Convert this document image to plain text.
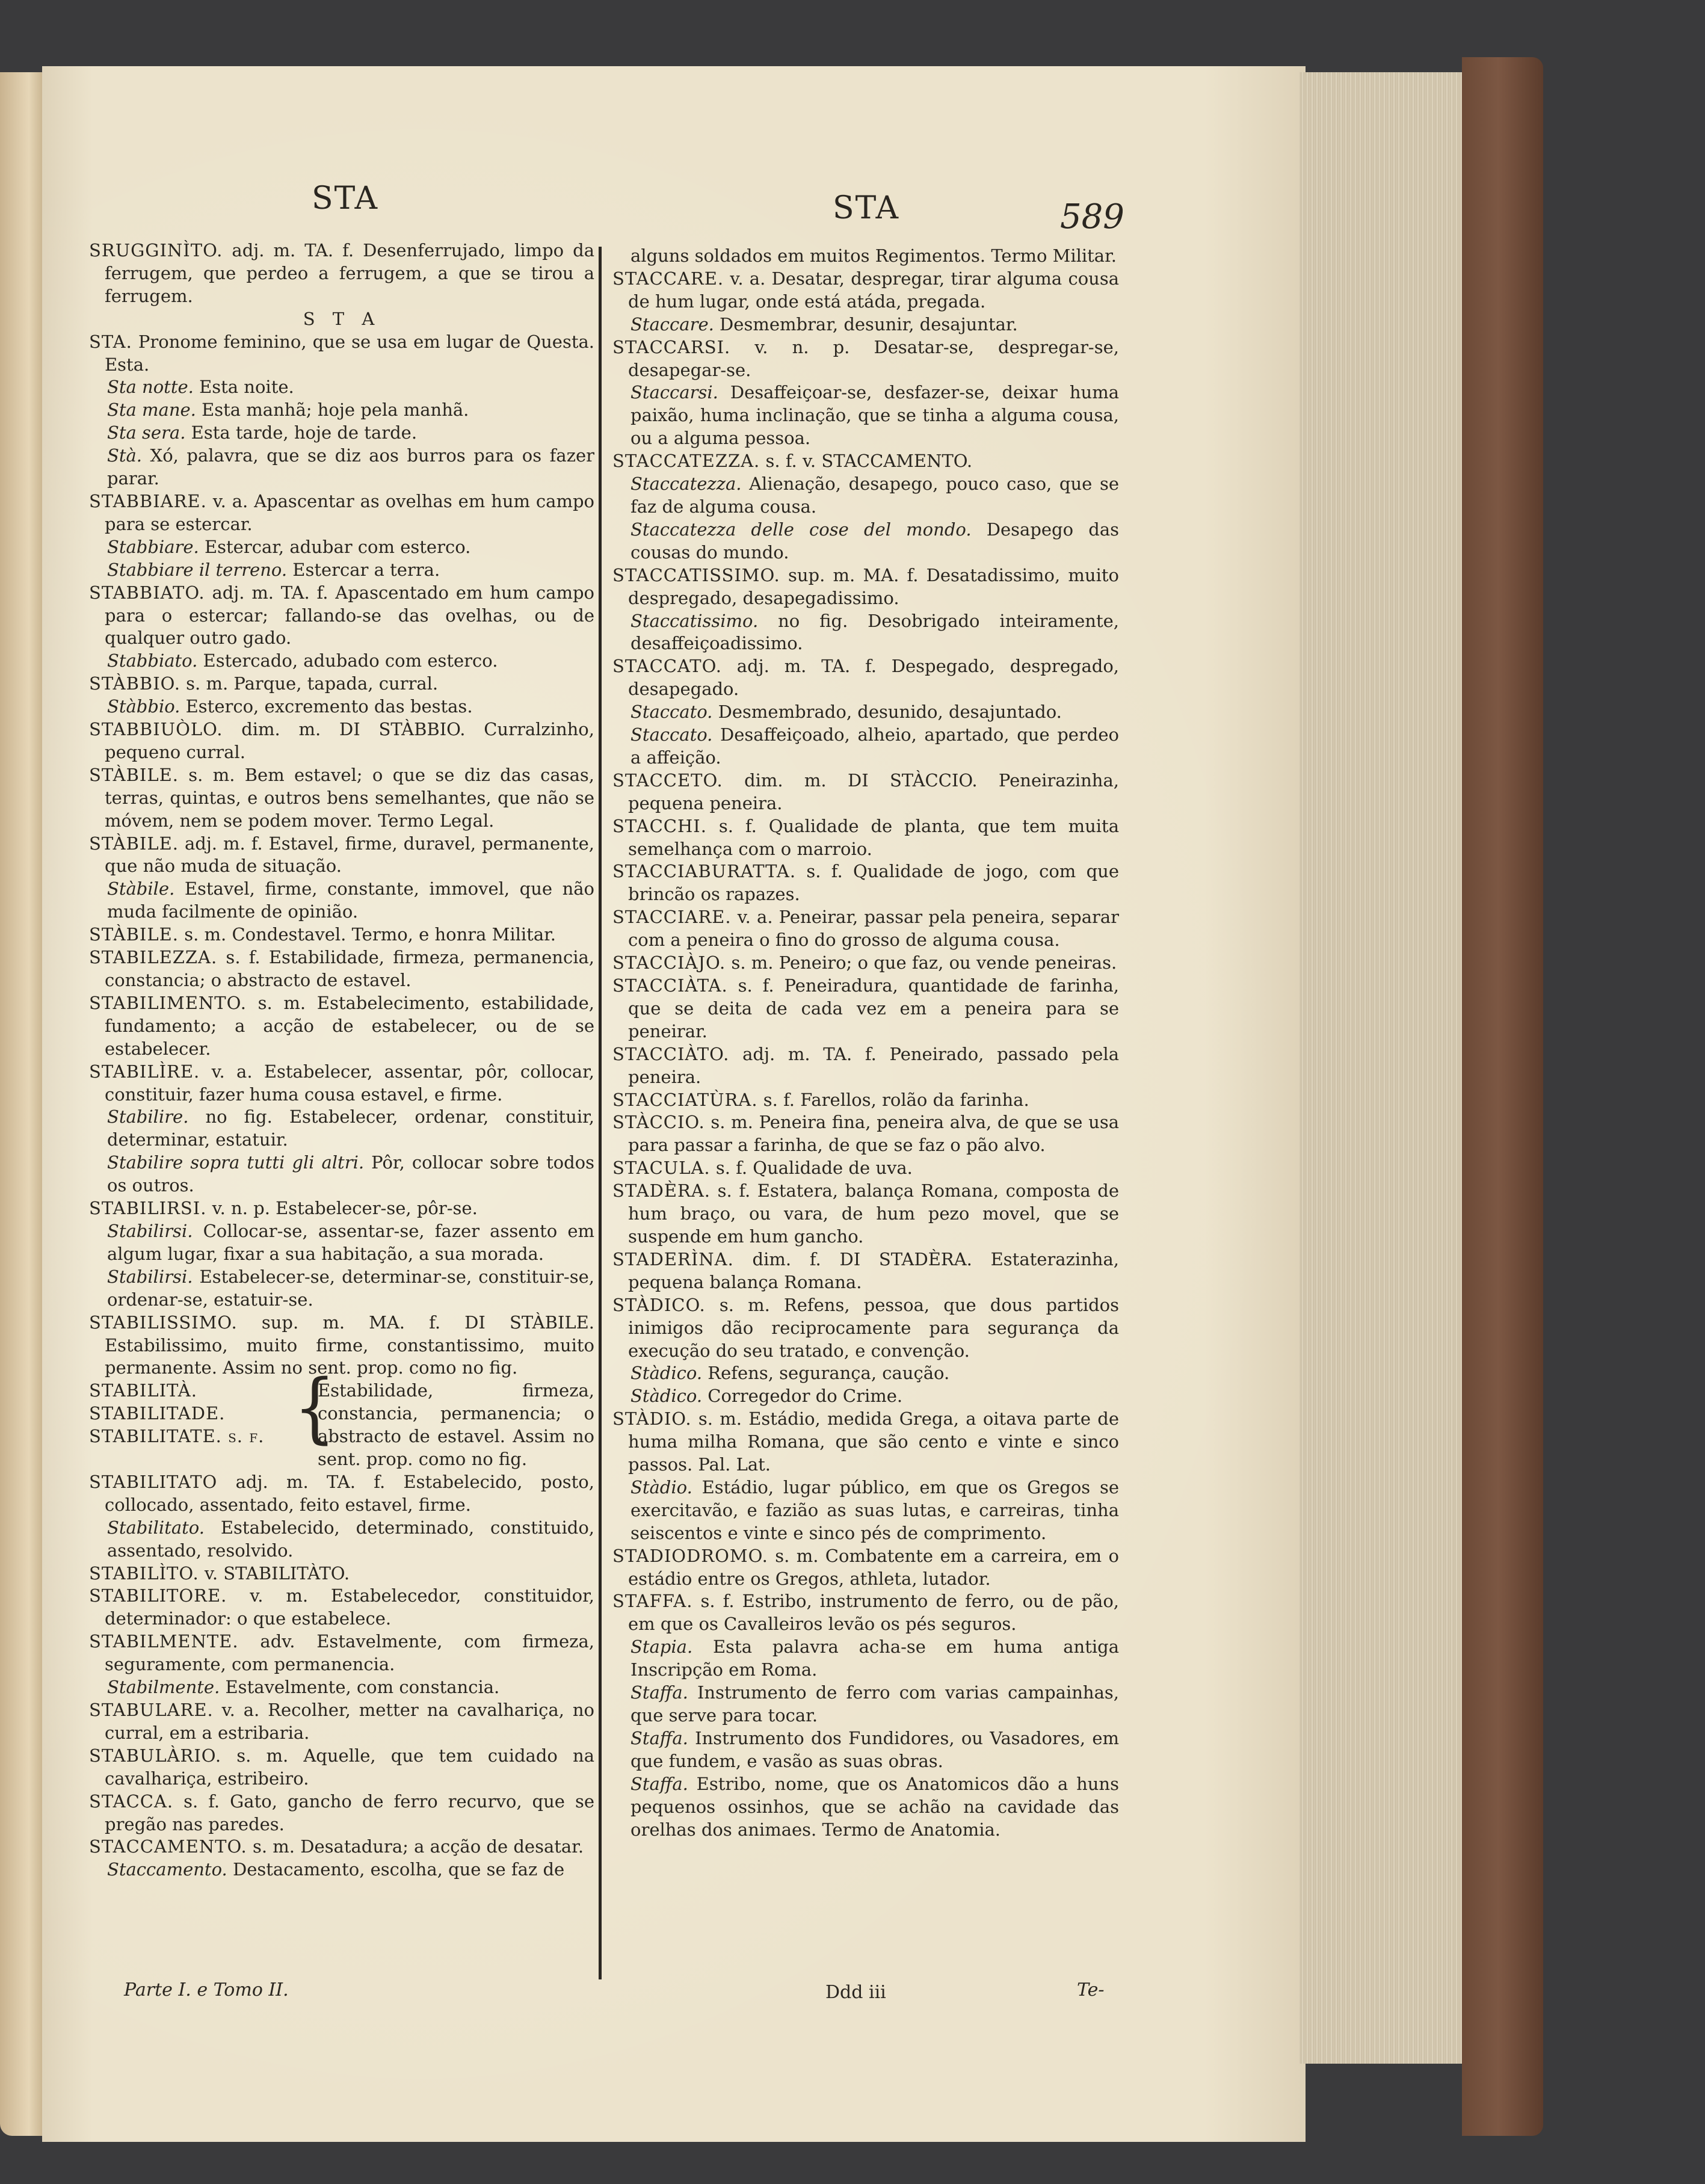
STA	STA	589
SRUGGINÌTO. adj. m. TA. f. Desenferrujado, limpo da ferrugem, que perdeo a ferrugem, a que se tirou a ferrugem.
S T A
STA. Pronome feminino, que se usa em lugar de Questa. Esta.
Sta notte. Esta noite.
Sta mane. Esta manhã; hoje pela manhã.
Sta sera. Esta tarde, hoje de tarde.
Stà. Xó, palavra, que se diz aos burros para os fazer parar.
STABBIARE. v. a. Apascentar as ovelhas em hum campo para se estercar.
Stabbiare. Estercar, adubar com esterco.
Stabbiare il terreno. Estercar a terra.
STABBIATO. adj. m. TA. f. Apascentado em hum campo para o estercar; fallando-se das ovelhas, ou de qualquer outro gado.
Stabbiato. Estercado, adubado com esterco.
STÀBBIO. s. m. Parque, tapada, curral.
Stàbbio. Esterco, excremento das bestas.
STABBIUÒLO. dim. m. DI STÀBBIO. Curralzinho, pequeno curral.
STÀBILE. s. m. Bem estavel; o que se diz das casas, terras, quintas, e outros bens semelhantes, que não se móvem, nem se podem mover. Termo Legal.
STÀBILE. adj. m. f. Estavel, firme, duravel, permanente, que não muda de situação.
Stàbile. Estavel, firme, constante, immovel, que não muda facilmente de opinião.
STÀBILE. s. m. Condestavel. Termo, e honra Militar.
STABILEZZA. s. f. Estabilidade, firmeza, permanencia, constancia; o abstracto de estavel.
STABILIMENTO. s. m. Estabelecimento, estabilidade, fundamento; a acção de estabelecer, ou de se estabelecer.
STABILÌRE. v. a. Estabelecer, assentar, pôr, collocar, constituir, fazer huma cousa estavel, e firme.
Stabilire. no fig. Estabelecer, ordenar, constituir, determinar, estatuir.
Stabilire sopra tutti gli altri. Pôr, collocar sobre todos os outros.
STABILIRSI. v. n. p. Estabelecer-se, pôr-se.
Stabilirsi. Collocar-se, assentar-se, fazer assento em algum lugar, fixar a sua habitação, a sua morada.
Stabilirsi. Estabelecer-se, determinar-se, constituir-se, ordenar-se, estatuir-se.
STABILISSIMO. sup. m. MA. f. DI STÀBILE. Estabilissimo, muito firme, constantissimo, muito permanente. Assim no sent. prop. como no fig.
STABILITÀ.
STABILITADE.
STABILITATE. s. f. {
Estabilidade, firmeza, constancia, permanencia; o abstracto de estavel. Assim no sent. prop. como no fig.
STABILITATO adj. m. TA. f. Estabelecido, posto, collocado, assentado, feito estavel, firme.
Stabilitato. Estabelecido, determinado, constituido, assentado, resolvido.
STABILÌTO. v. STABILITÀTO.
STABILITORE. v. m. Estabelecedor, constituidor, determinador: o que estabelece.
STABILMENTE. adv. Estavelmente, com firmeza, seguramente, com permanencia.
Stabilmente. Estavelmente, com constancia.
STABULARE. v. a. Recolher, metter na cavalhariça, no curral, em a estribaria.
STABULÀRIO. s. m. Aquelle, que tem cuidado na cavalhariça, estribeiro.
STACCA. s. f. Gato, gancho de ferro recurvo, que se pregão nas paredes.
STACCAMENTO. s. m. Desatadura; a acção de desatar.
Staccamento. Destacamento, escolha, que se faz de
alguns soldados em muitos Regimentos. Termo Militar.
STACCARE. v. a. Desatar, despregar, tirar alguma cousa de hum lugar, onde está atáda, pregada.
Staccare. Desmembrar, desunir, desajuntar.
STACCARSI. v. n. p. Desatar-se, despregar-se, desapegar-se.
Staccarsi. Desaffeiçoar-se, desfazer-se, deixar huma paixão, huma inclinação, que se tinha a alguma cousa, ou a alguma pessoa.
STACCATEZZA. s. f. v. STACCAMENTO.
Staccatezza. Alienação, desapego, pouco caso, que se faz de alguma cousa.
Staccatezza delle cose del mondo. Desapego das cousas do mundo.
STACCATISSIMO. sup. m. MA. f. Desatadissimo, muito despregado, desapegadissimo.
Staccatissimo. no fig. Desobrigado inteiramente, desaffeiçoadissimo.
STACCATO. adj. m. TA. f. Despegado, despregado, desapegado.
Staccato. Desmembrado, desunido, desajuntado.
Staccato. Desaffeiçoado, alheio, apartado, que perdeo a affeição.
STACCETO. dim. m. DI STÀCCIO. Peneirazinha, pequena peneira.
STACCHI. s. f. Qualidade de planta, que tem muita semelhança com o marroio.
STACCIABURATTA. s. f. Qualidade de jogo, com que brincão os rapazes.
STACCIARE. v. a. Peneirar, passar pela peneira, separar com a peneira o fino do grosso de alguma cousa.
STACCIÀJO. s. m. Peneiro; o que faz, ou vende peneiras.
STACCIÀTA. s. f. Peneiradura, quantidade de farinha, que se deita de cada vez em a peneira para se peneirar.
STACCIÀTO. adj. m. TA. f. Peneirado, passado pela peneira.
STACCIATÙRA. s. f. Farellos, rolão da farinha.
STÀCCIO. s. m. Peneira fina, peneira alva, de que se usa para passar a farinha, de que se faz o pão alvo.
STACULA. s. f. Qualidade de uva.
STADÈRA. s. f. Estatera, balança Romana, composta de hum braço, ou vara, de hum pezo movel, que se suspende em hum gancho.
STADERÌNA. dim. f. DI STADÈRA. Estaterazinha, pequena balança Romana.
STÀDICO. s. m. Refens, pessoa, que dous partidos inimigos dão reciprocamente para segurança da execução do seu tratado, e convenção.
Stàdico. Refens, segurança, caução.
Stàdico. Corregedor do Crime.
STÀDIO. s. m. Estádio, medida Grega, a oitava parte de huma milha Romana, que são cento e vinte e sinco passos. Pal. Lat.
Stàdio. Estádio, lugar público, em que os Gregos se exercitavão, e fazião as suas lutas, e carreiras, tinha seiscentos e vinte e sinco pés de comprimento.
STADIODROMO. s. m. Combatente em a carreira, em o estádio entre os Gregos, athleta, lutador.
STAFFA. s. f. Estribo, instrumento de ferro, ou de pão, em que os Cavalleiros levão os pés seguros.
Stapia. Esta palavra acha-se em huma antiga Inscripção em Roma.
Staffa. Instrumento de ferro com varias campainhas, que serve para tocar.
Staffa. Instrumento dos Fundidores, ou Vasadores, em que fundem, e vasão as suas obras.
Staffa. Estribo, nome, que os Anatomicos dão a huns pequenos ossinhos, que se achão na cavidade das orelhas dos animaes. Termo de Anatomia.
Parte I. e Tomo II.	Ddd iii	Te-
